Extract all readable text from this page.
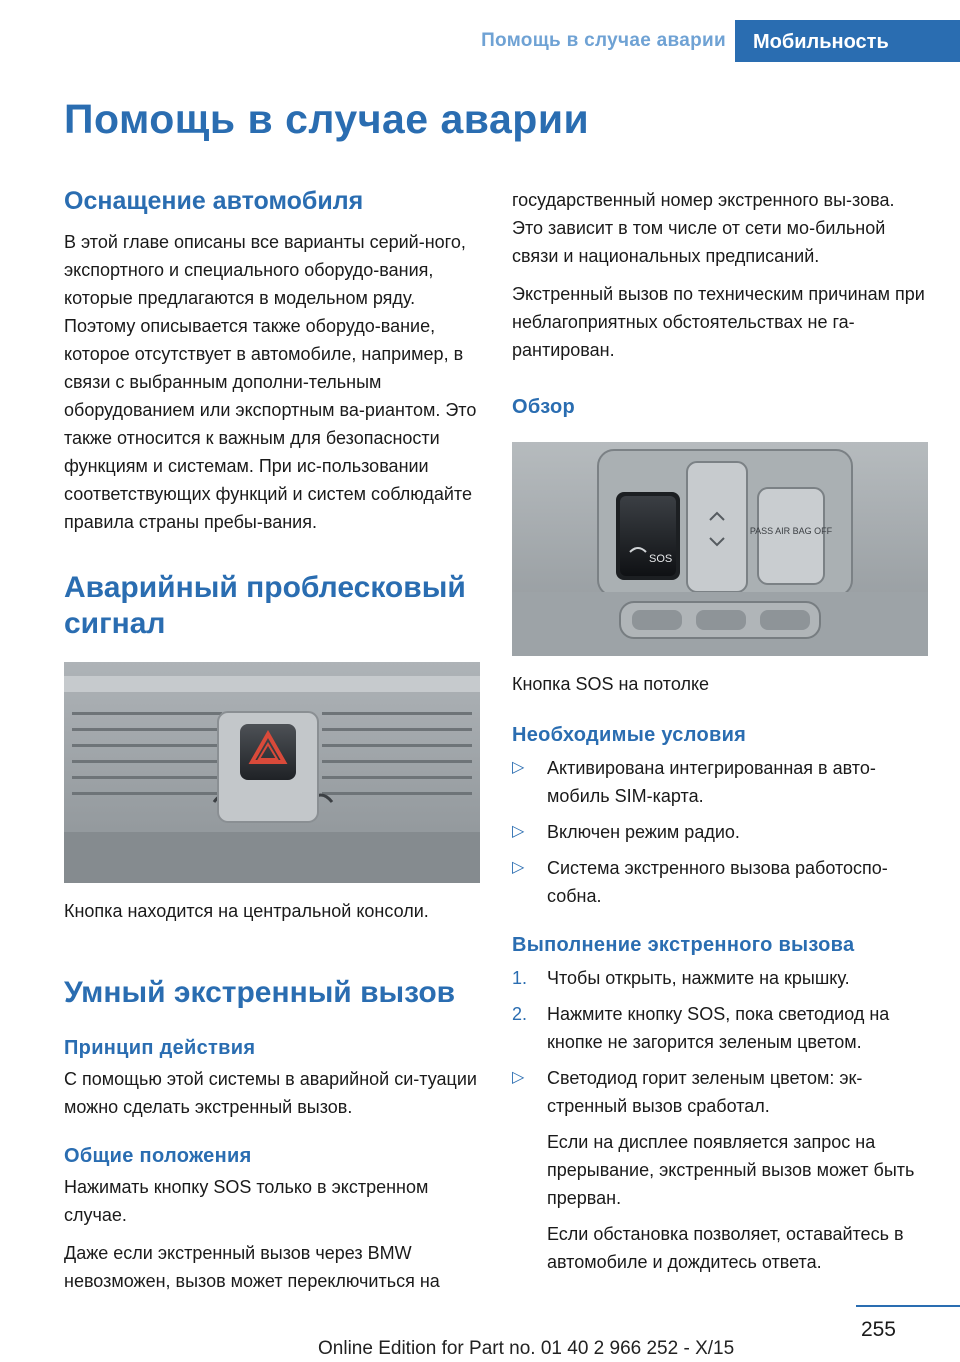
Помощь в случае аварии	Мобильность
Помощь в случае аварии
Оснащение автомобиля

В этой главе описаны все варианты серий-ного, экспортного и специального оборудо-вания, которые предлагаются в модельном ряду. Поэтому описывается также оборудо-вание, которое отсутствует в автомобиле, например, в связи с выбранным дополни-тельным оборудованием или экспортным ва-риантом. Это также относится к важным для безопасности функциям и системам. При ис-пользовании соответствующих функций и систем соблюдайте правила страны пребы-вания.

Аварийный проблесковый сигнал

Кнопка находится на центральной консоли.

Умный экстренный вызов
Принцип действия

С помощью этой системы в аварийной си-туации можно сделать экстренный вызов.

Общие положения

Нажимать кнопку SOS только в экстренном случае.

Даже если экстренный вызов через BMW невозможен, вызов может переключиться на

государственный номер экстренного вы-зова. Это зависит в том числе от сети мо-бильной связи и национальных предписаний.

Экстренный вызов по техническим причинам при неблагоприятных обстоятельствах не га-рантирован.

Обзор
SOS
PASS AIR BAG OFF

Кнопка SOS на потолке

Необходимые условия
▷ Активирована интегрированная в авто-мобиль SIM-карта.
▷ Включен режим радио.
▷ Система экстренного вызова работоспо-собна.
Выполнение экстренного вызова
1. Чтобы открыть, нажмите на крышку.
2. Нажмите кнопку SOS, пока светодиод на кнопке не загорится зеленым цветом.
▷ Светодиод горит зеленым цветом: эк-стренный вызов сработал.

Если на дисплее появляется запрос на прерывание, экстренный вызов может быть прерван.

Если обстановка позволяет, оставайтесь в автомобиле и дождитесь ответа.

255
Online Edition for Part no. 01 40 2 966 252 - X/15
